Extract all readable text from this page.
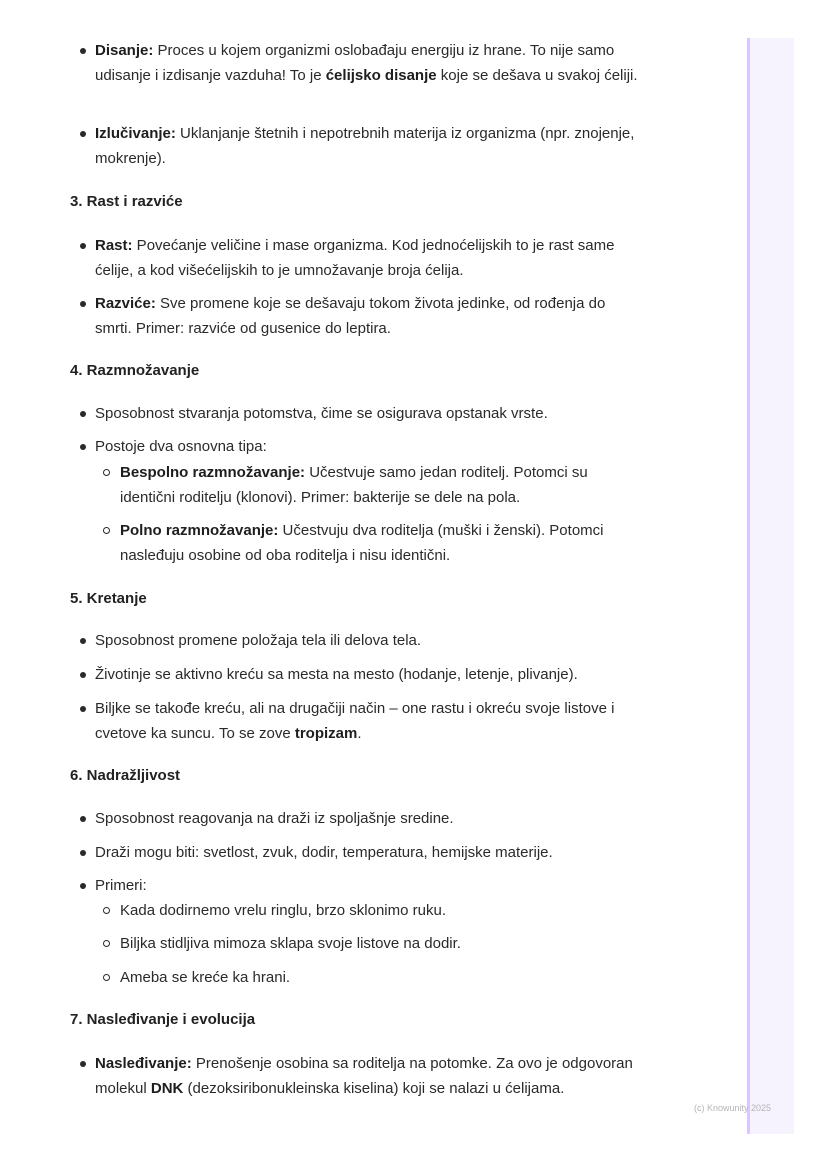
(c) Knowunity 2025
Disanje: Proces u kojem organizmi oslobađaju energiju iz hrane. To nije samo udisanje i izdisanje vazduha! To je ćelijsko disanje koje se dešava u svakoj ćeliji.
Izlučivanje: Uklanjanje štetnih i nepotrebnih materija iz organizma (npr. znojenje, mokrenje).
3. Rast i razviće
Rast: Povećanje veličine i mase organizma. Kod jednoćelijskih to je rast same ćelije, a kod višećelijskih to je umnožavanje broja ćelija.
Razviće: Sve promene koje se dešavaju tokom života jedinke, od rođenja do smrti. Primer: razviće od gusenice do leptira.
4. Razmnožavanje
Sposobnost stvaranja potomstva, čime se osigurava opstanak vrste.
Postoje dva osnovna tipa:
Bespolno razmnožavanje: Učestvuje samo jedan roditelj. Potomci su identični roditelju (klonovi). Primer: bakterije se dele na pola.
Polno razmnožavanje: Učestvuju dva roditelja (muški i ženski). Potomci nasleđuju osobine od oba roditelja i nisu identični.
5. Kretanje
Sposobnost promene položaja tela ili delova tela.
Životinje se aktivno kreću sa mesta na mesto (hodanje, letenje, plivanje).
Biljke se takođe kreću, ali na drugačiji način – one rastu i okreću svoje listove i cvetove ka suncu. To se zove tropizam.
6. Nadražljivost
Sposobnost reagovanja na draži iz spoljašnje sredine.
Draži mogu biti: svetlost, zvuk, dodir, temperatura, hemijske materije.
Primeri:
Kada dodirnemo vrelu ringlu, brzo sklonimo ruku.
Biljka stidljiva mimoza sklapa svoje listove na dodir.
Ameba se kreće ka hrani.
7. Nasleđivanje i evolucija
Nasleđivanje: Prenošenje osobina sa roditelja na potomke. Za ovo je odgovoran molekul DNK (dezoksiribonukleinska kiselina) koji se nalazi u ćelijama.
